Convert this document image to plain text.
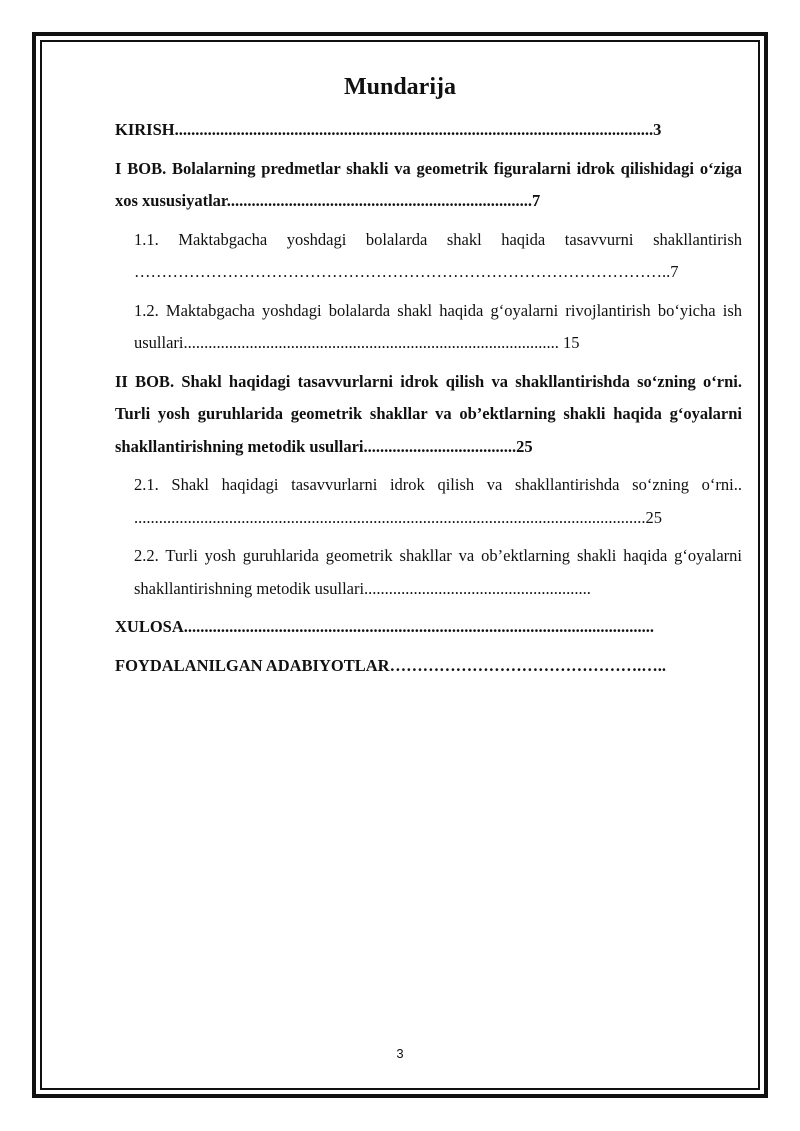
Mundarija
KIRISH....................................................................................................................3
I BOB. Bolalarning predmetlar shakli va geometrik figuralarni idrok qilishidagi o‘ziga xos xususiyatlar..........................................................................7
1.1. Maktabgacha yoshdagi bolalarda shakl haqida tasavvurni shakllantirish ……………………………………………………………………………………..7
1.2. Maktabgacha yoshdagi bolalarda shakl haqida g‘oyalarni rivojlantirish bo‘yicha ish usullari........................................................................................... 15
II BOB. Shakl haqidagi tasavvurlarni idrok qilish va shakllantirishda so‘zning o‘rni. Turli yosh guruhlarida geometrik shakllar va ob’ektlarning shakli haqida g‘oyalarni shakllantirishning metodik usullari.....................................25
2.1. Shakl haqidagi tasavvurlarni idrok qilish va shakllantirishda so‘zning o‘rni.. ............................................................................................................................25
2.2. Turli yosh guruhlarida geometrik shakllar va ob’ektlarning shakli haqida g‘oyalarni shakllantirishning metodik usullari.......................................................
XULOSA..................................................................................................................
FOYDALANILGAN ADABIYOTLAR……………………………………….…..
3
